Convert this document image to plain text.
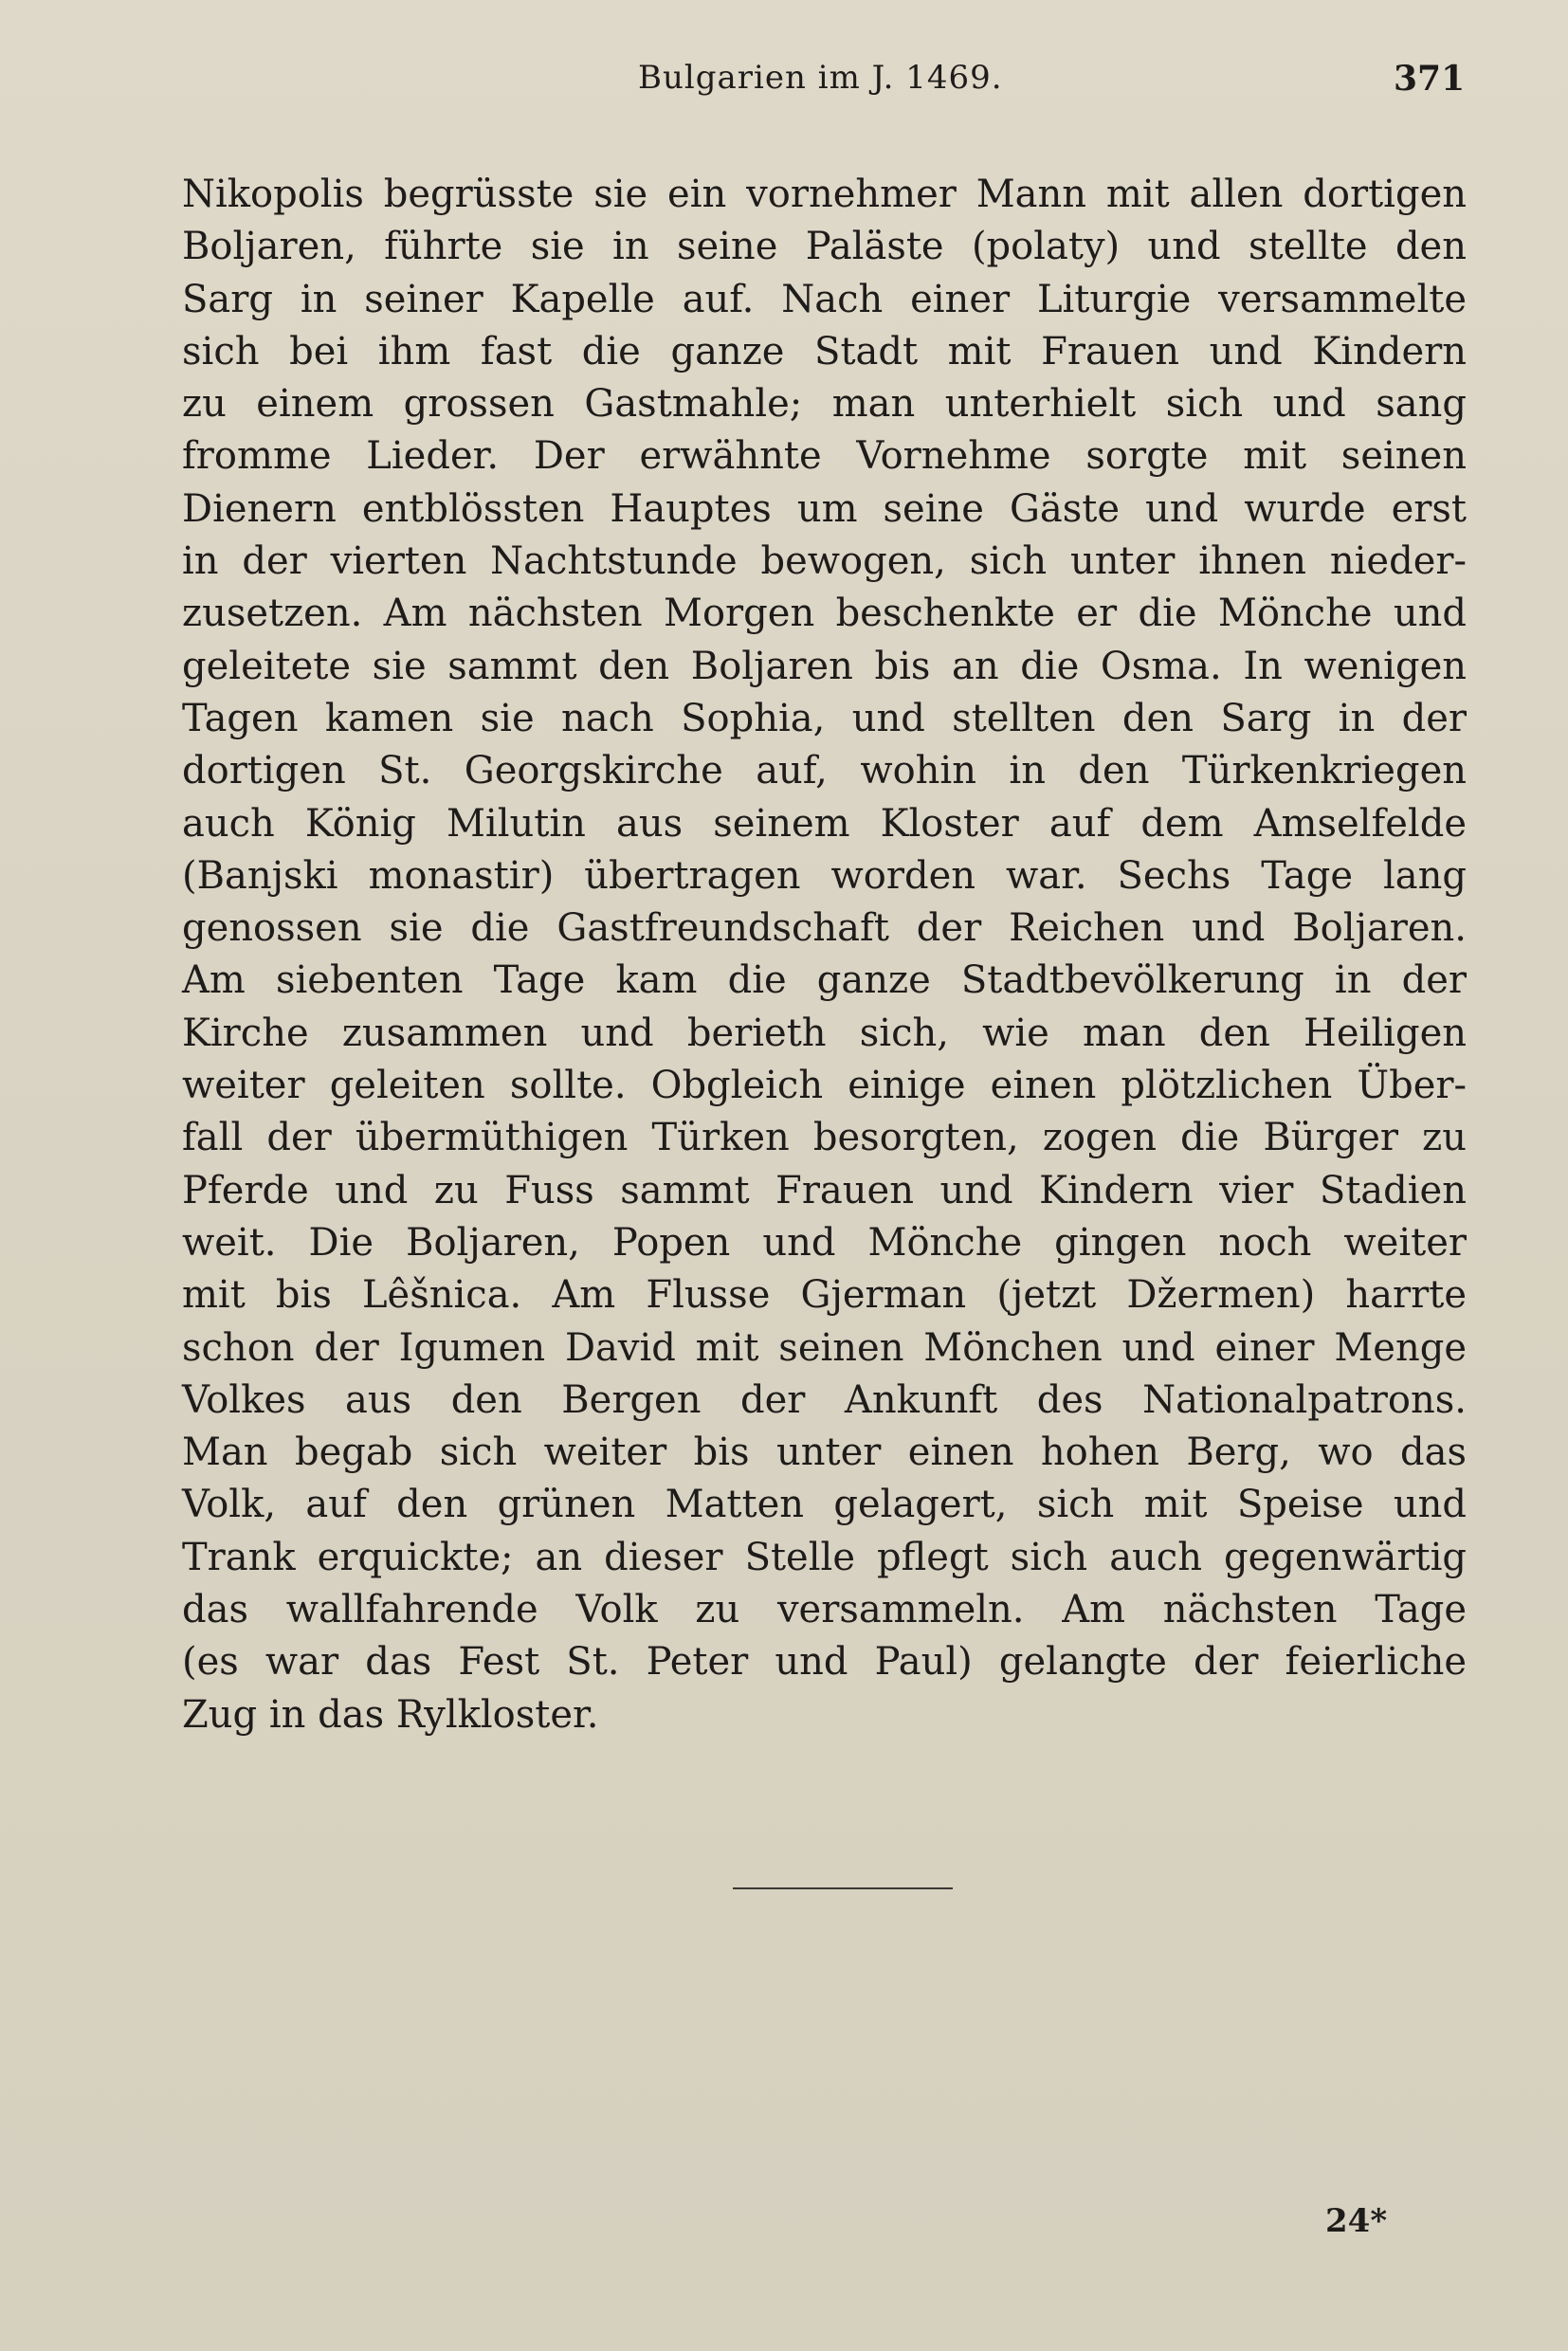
Bulgarien im J. 1469.	371
Nikopolis begrüsste sie ein vornehmer Mann mit allen dortigen
Boljaren, führte sie in seine Paläste (polaty) und stellte den
Sarg in seiner Kapelle auf. Nach einer Liturgie versammelte
sich bei ihm fast die ganze Stadt mit Frauen und Kindern
zu einem grossen Gastmahle; man unterhielt sich und sang
fromme Lieder. Der erwähnte Vornehme sorgte mit seinen
Dienern entblössten Hauptes um seine Gäste und wurde erst
in der vierten Nachtstunde bewogen, sich unter ihnen nieder-
zusetzen. Am nächsten Morgen beschenkte er die Mönche und
geleitete sie sammt den Boljaren bis an die Osma. In wenigen
Tagen kamen sie nach Sophia, und stellten den Sarg in der
dortigen St. Georgskirche auf, wohin in den Türkenkriegen
auch König Milutin aus seinem Kloster auf dem Amselfelde
(Banjski monastir) übertragen worden war. Sechs Tage lang
genossen sie die Gastfreundschaft der Reichen und Boljaren.
Am siebenten Tage kam die ganze Stadtbevölkerung in der
Kirche zusammen und berieth sich, wie man den Heiligen
weiter geleiten sollte. Obgleich einige einen plötzlichen Über-
fall der übermüthigen Türken besorgten, zogen die Bürger zu
Pferde und zu Fuss sammt Frauen und Kindern vier Stadien
weit. Die Boljaren, Popen und Mönche gingen noch weiter
mit bis Lêšnica. Am Flusse Gjerman (jetzt Džermen) harrte
schon der Igumen David mit seinen Mönchen und einer Menge
Volkes aus den Bergen der Ankunft des Nationalpatrons.
Man begab sich weiter bis unter einen hohen Berg, wo das
Volk, auf den grünen Matten gelagert, sich mit Speise und
Trank erquickte; an dieser Stelle pflegt sich auch gegenwärtig
das wallfahrende Volk zu versammeln. Am nächsten Tage
(es war das Fest St. Peter und Paul) gelangte der feierliche
Zug in das Rylkloster.
24*
